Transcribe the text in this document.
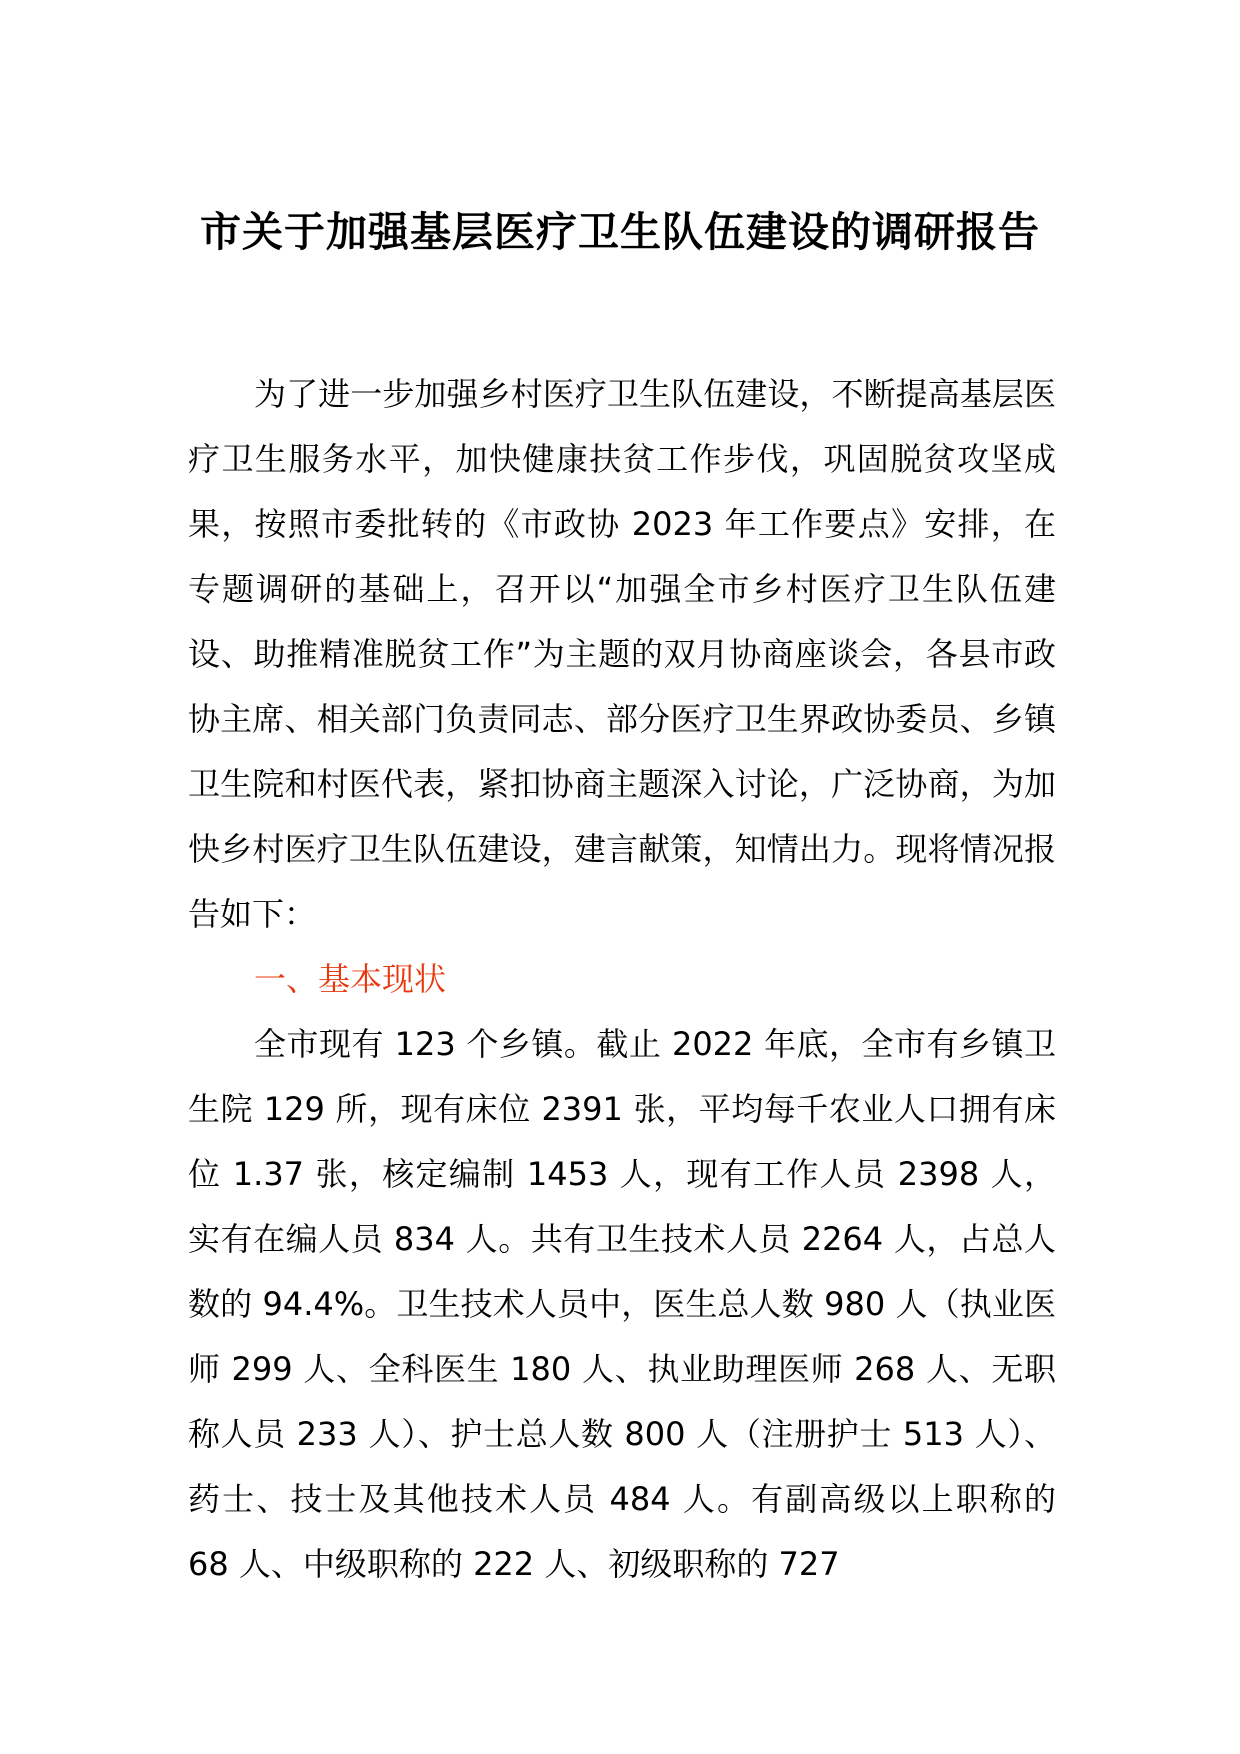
市关于加强基层医疗卫生队伍建设的调研报告

为了进一步加强乡村医疗卫生队伍建设，不断提高基层医疗卫生服务水平，加快健康扶贫工作步伐，巩固脱贫攻坚成果，按照市委批转的《市政协 2023 年工作要点》安排，在专题调研的基础上，召开以“加强全市乡村医疗卫生队伍建设、助推精准脱贫工作”为主题的双月协商座谈会，各县市政协主席、相关部门负责同志、部分医疗卫生界政协委员、乡镇卫生院和村医代表，紧扣协商主题深入讨论，广泛协商，为加快乡村医疗卫生队伍建设，建言献策，知情出力。现将情况报告如下：

一、基本现状

全市现有 123 个乡镇。截止 2022 年底，全市有乡镇卫生院 129 所，现有床位 2391 张，平均每千农业人口拥有床位 1.37 张，核定编制 1453 人，现有工作人员 2398 人，实有在编人员 834 人。共有卫生技术人员 2264 人，占总人数的 94.4%。卫生技术人员中，医生总人数 980 人（执业医师 299 人、全科医生 180 人、执业助理医师 268 人、无职称人员 233 人）、护士总人数 800 人（注册护士 513 人）、药士、技士及其他技术人员 484 人。有副高级以上职称的 68 人、中级职称的 222 人、初级职称的 727
